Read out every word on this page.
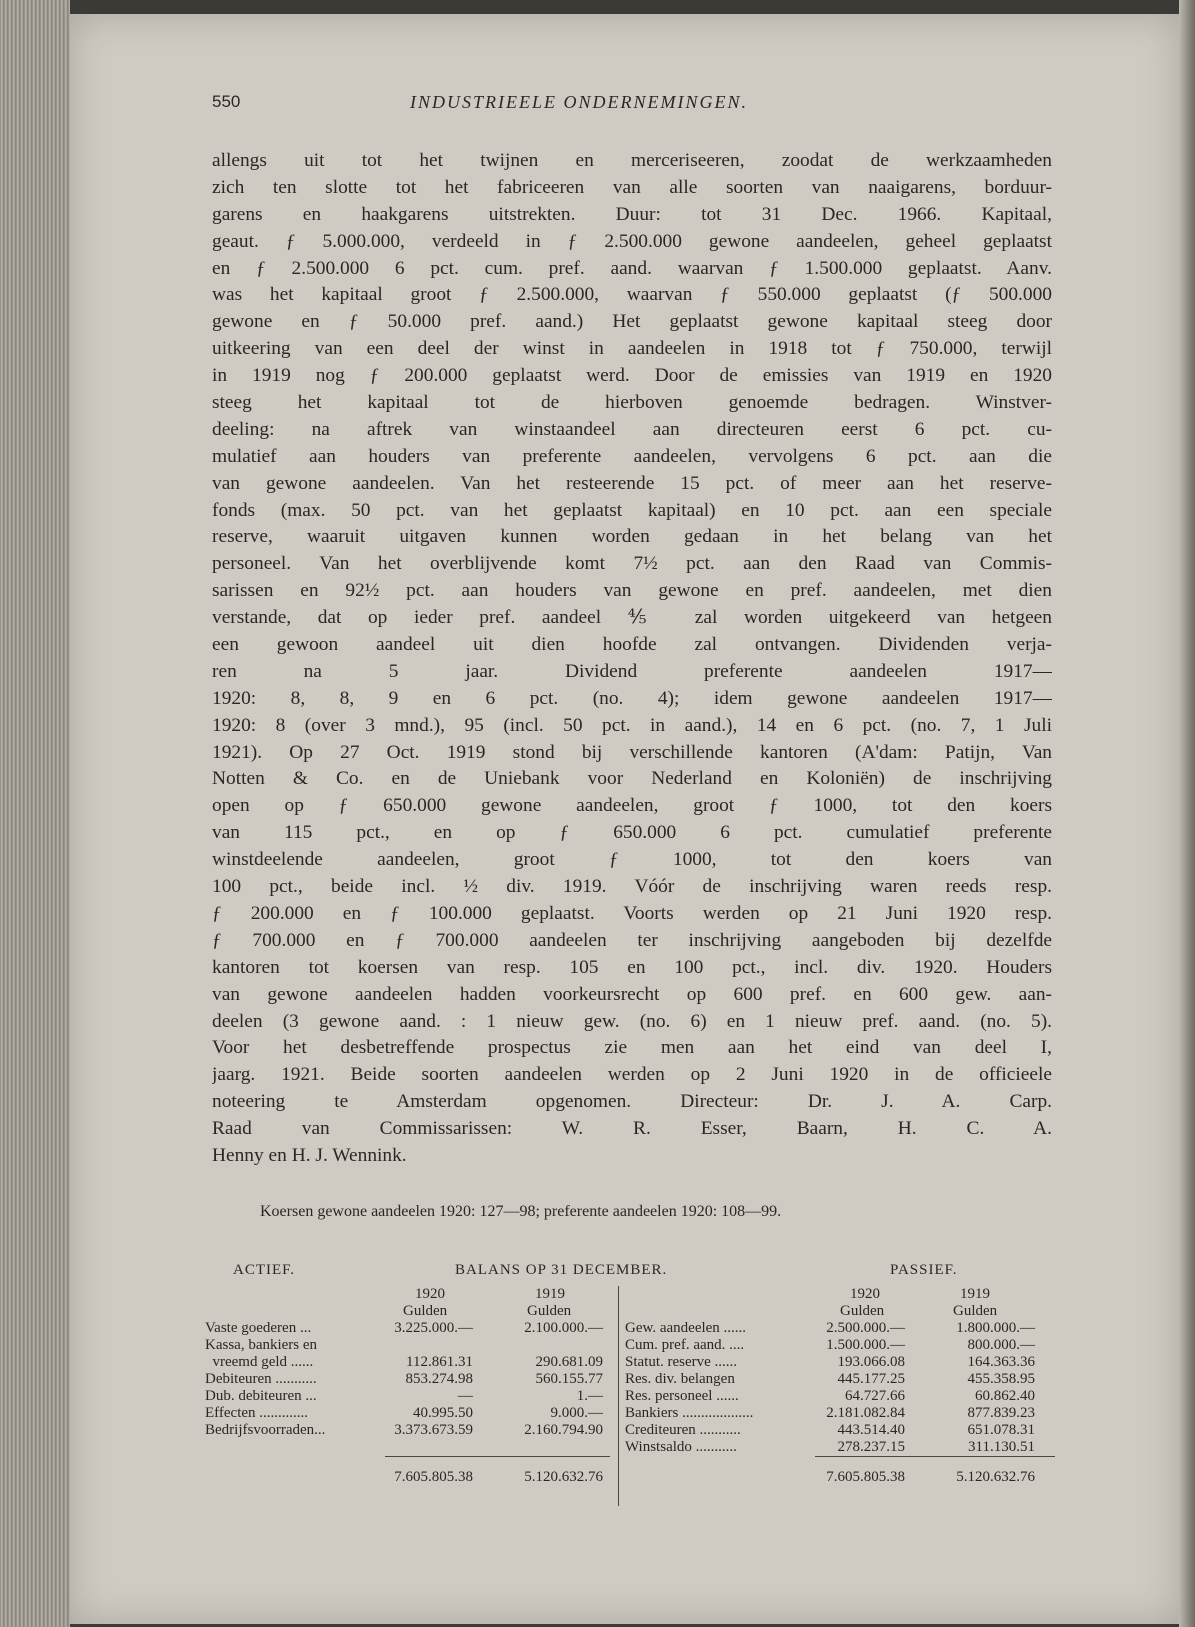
550	INDUSTRIEELE ONDERNEMINGEN.
allengs uit tot het twijnen en merceriseeren, zoodat de werkzaamheden
zich ten slotte tot het fabriceeren van alle soorten van naaigarens, borduur-
garens en haakgarens uitstrekten. Duur: tot 31 Dec. 1966. Kapitaal,
geaut. ƒ 5.000.000, verdeeld in ƒ 2.500.000 gewone aandeelen, geheel geplaatst
en ƒ 2.500.000 6 pct. cum. pref. aand. waarvan ƒ 1.500.000 geplaatst. Aanv.
was het kapitaal groot ƒ 2.500.000, waarvan ƒ 550.000 geplaatst (ƒ 500.000
gewone en ƒ 50.000 pref. aand.) Het geplaatst gewone kapitaal steeg door
uitkeering van een deel der winst in aandeelen in 1918 tot ƒ 750.000, terwijl
in 1919 nog ƒ 200.000 geplaatst werd. Door de emissies van 1919 en 1920
steeg het kapitaal tot de hierboven genoemde bedragen. Winstver-
deeling: na aftrek van winstaandeel aan directeuren eerst 6 pct. cu-
mulatief aan houders van preferente aandeelen, vervolgens 6 pct. aan die
van gewone aandeelen. Van het resteerende 15 pct. of meer aan het reserve-
fonds (max. 50 pct. van het geplaatst kapitaal) en 10 pct. aan een speciale
reserve, waaruit uitgaven kunnen worden gedaan in het belang van het
personeel. Van het overblijvende komt 7½ pct. aan den Raad van Commis-
sarissen en 92½ pct. aan houders van gewone en pref. aandeelen, met dien
verstande, dat op ieder pref. aandeel ⅘ zal worden uitgekeerd van hetgeen
een gewoon aandeel uit dien hoofde zal ontvangen. Dividenden verja-
ren na 5 jaar. Dividend preferente aandeelen 1917—
1920: 8, 8, 9 en 6 pct. (no. 4); idem gewone aandeelen 1917—
1920: 8 (over 3 mnd.), 95 (incl. 50 pct. in aand.), 14 en 6 pct. (no. 7, 1 Juli
1921). Op 27 Oct. 1919 stond bij verschillende kantoren (A'dam: Patijn, Van
Notten & Co. en de Uniebank voor Nederland en Koloniën) de inschrijving
open op ƒ 650.000 gewone aandeelen, groot ƒ 1000, tot den koers
van 115 pct., en op ƒ 650.000 6 pct. cumulatief preferente
winstdeelende aandeelen, groot ƒ 1000, tot den koers van
100 pct., beide incl. ½ div. 1919. Vóór de inschrijving waren reeds resp.
ƒ 200.000 en ƒ 100.000 geplaatst. Voorts werden op 21 Juni 1920 resp.
ƒ 700.000 en ƒ 700.000 aandeelen ter inschrijving aangeboden bij dezelfde
kantoren tot koersen van resp. 105 en 100 pct., incl. div. 1920. Houders
van gewone aandeelen hadden voorkeursrecht op 600 pref. en 600 gew. aan-
deelen (3 gewone aand. : 1 nieuw gew. (no. 6) en 1 nieuw pref. aand. (no. 5).
Voor het desbetreffende prospectus zie men aan het eind van deel I,
jaarg. 1921. Beide soorten aandeelen werden op 2 Juni 1920 in de officieele
noteering te Amsterdam opgenomen. Directeur: Dr. J. A. Carp.
Raad van Commissarissen: W. R. Esser, Baarn, H. C. A.
Henny en H. J. Wennink.
Koersen gewone aandeelen 1920: 127—98; preferente aandeelen 1920: 108—99.
ACTIEF.	BALANS OP 31 DECEMBER.	PASSIEF.
1920	1919
Gulden	Gulden
Vaste goederen ...	3.225.000.—	2.100.000.—
Kassa, bankiers en
vreemd geld ......	112.861.31	290.681.09
Debiteuren ...........	853.274.98	560.155.77
Dub. debiteuren ...	—	1.—
Effecten .............	40.995.50	9.000.—
Bedrijfsvoorraden...	3.373.673.59	2.160.794.90
7.605.805.38	5.120.632.76
1920	1919
Gulden	Gulden
Gew. aandeelen ......	2.500.000.—	1.800.000.—
Cum. pref. aand. ....	1.500.000.—	800.000.—
Statut. reserve ......	193.066.08	164.363.36
Res. div. belangen	445.177.25	455.358.95
Res. personeel ......	64.727.66	60.862.40
Bankiers ...................	2.181.082.84	877.839.23
Crediteuren ...........	443.514.40	651.078.31
Winstsaldo ...........	278.237.15	311.130.51
7.605.805.38	5.120.632.76
